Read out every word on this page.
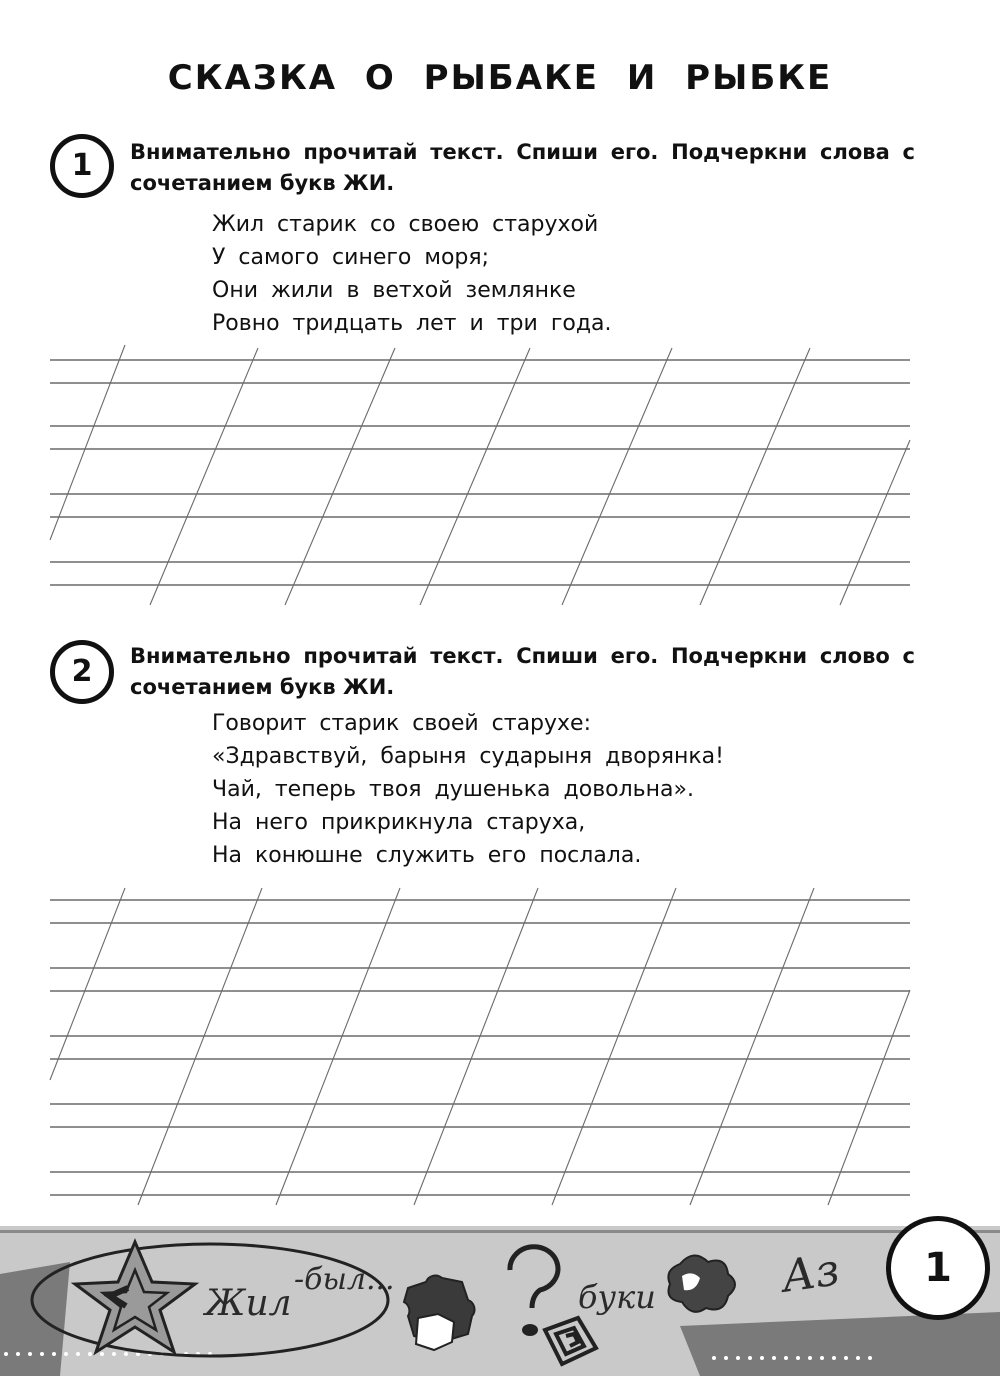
СКАЗКА О РЫБАКЕ И РЫБКЕ
1	Внимательно прочитай текст. Спиши его. Подчеркни слова с сочетанием букв ЖИ.
Жил старик со своею старухой
У самого синего моря;
Они жили в ветхой землянке
Ровно тридцать лет и три года.
2	Внимательно прочитай текст. Спиши его. Подчеркни слово с сочетанием букв ЖИ.
Говорит старик своей старухе:
«Здравствуй, барыня сударыня дворянка!
Чай, теперь твоя душенька довольна».
На него прикрикнула старуха,
На конюшне служить его послала.
Жил
-был...	буки	Аз	1
